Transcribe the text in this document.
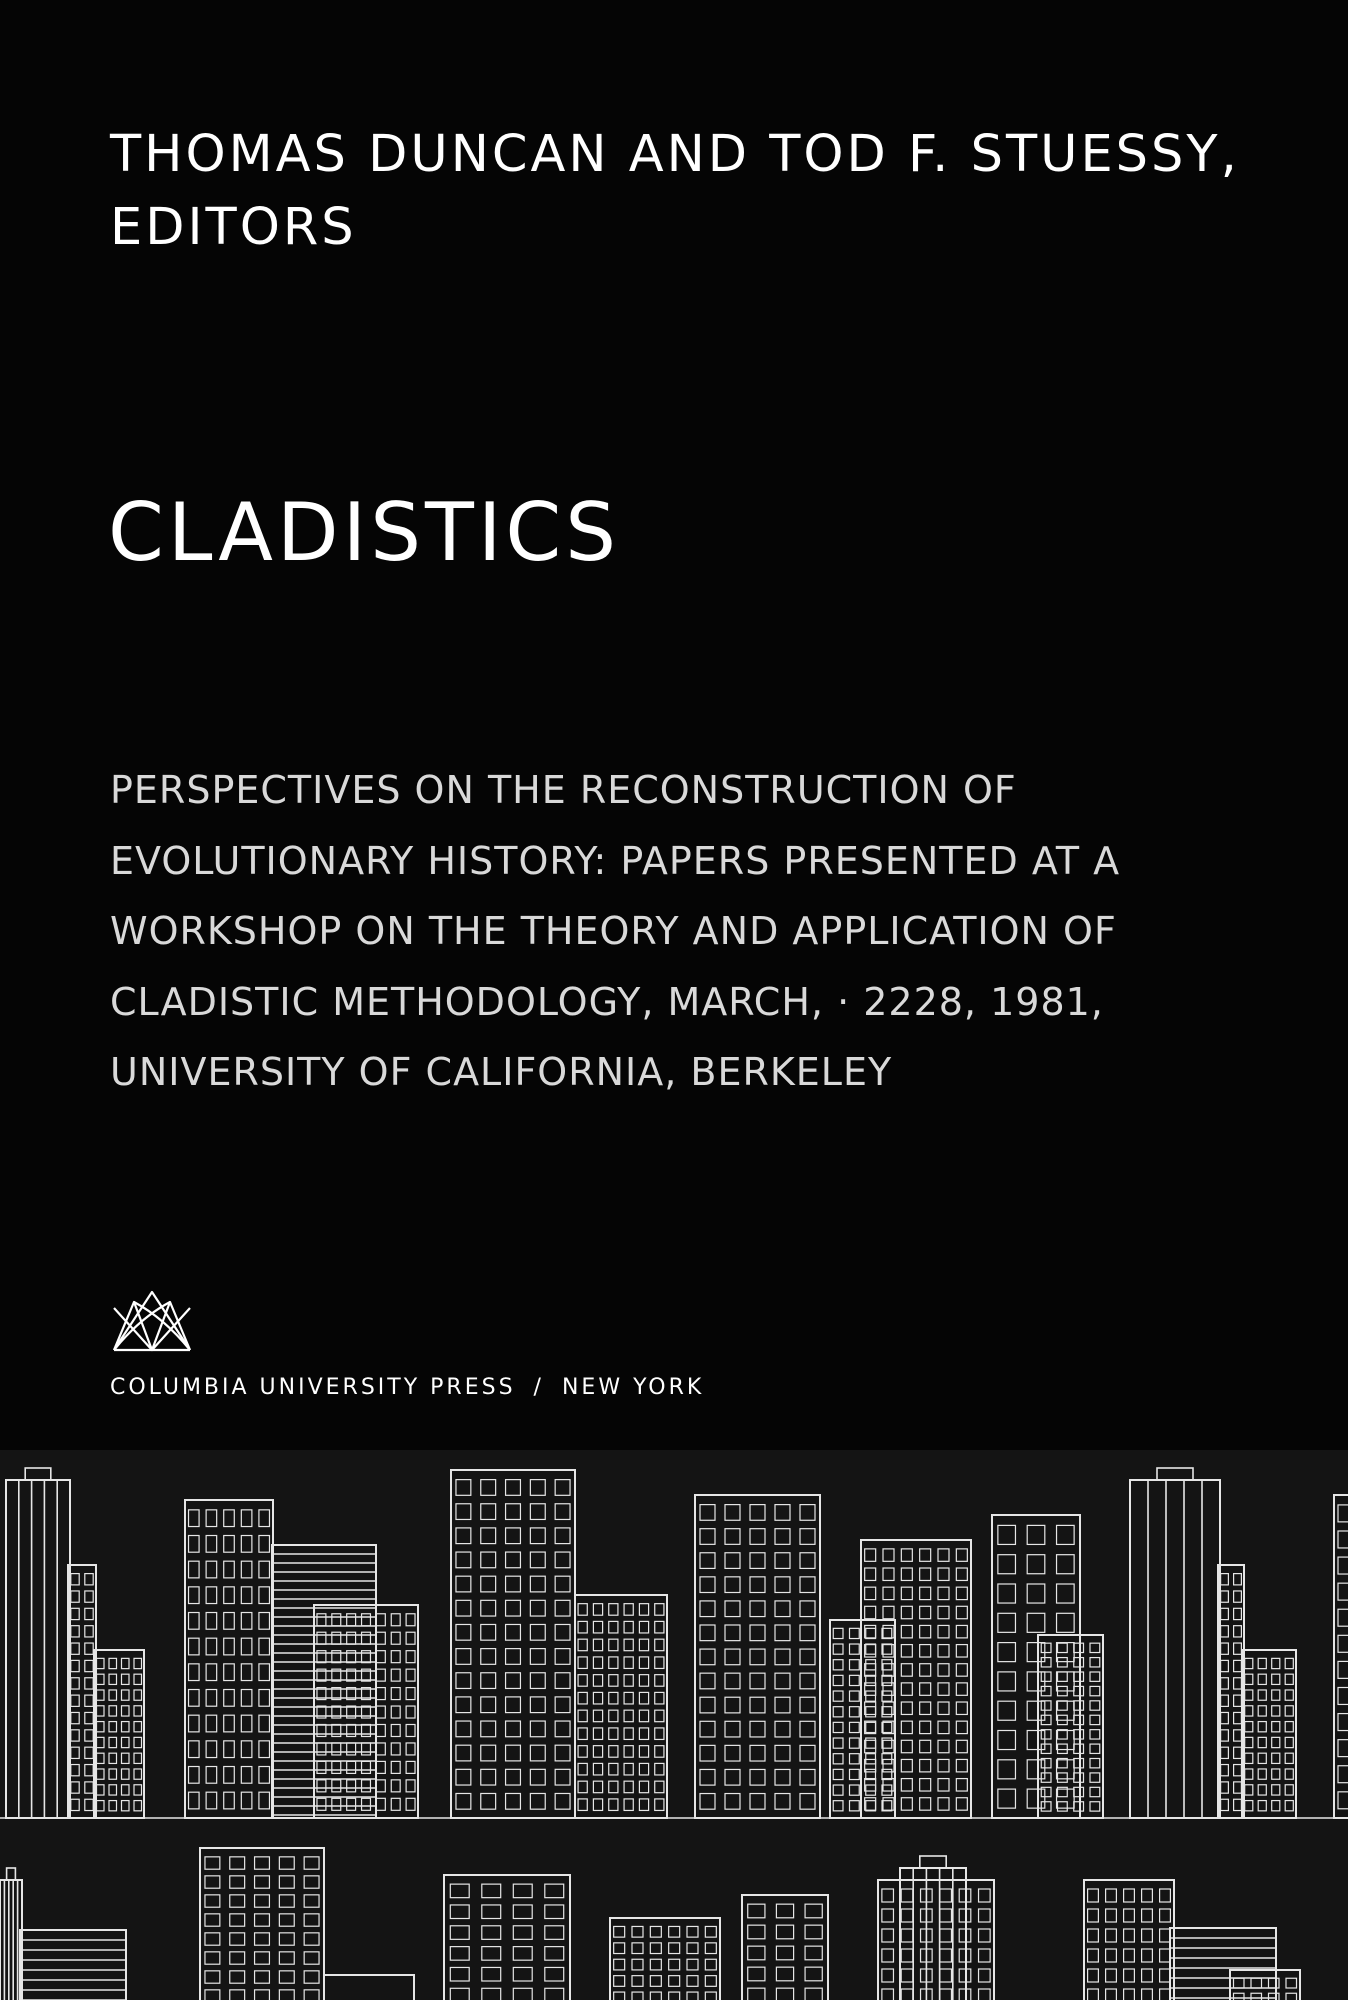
THOMAS DUNCAN AND TOD F. STUESSY, EDITORS
CLADISTICS

PERSPECTIVES ON THE RECONSTRUCTION OF EVOLUTIONARY HISTORY: PAPERS PRESENTED AT A WORKSHOP ON THE THEORY AND APPLICATION OF CLADISTIC METHODOLOGY, MARCH, · 2228, 1981, UNIVERSITY OF CALIFORNIA, BERKELEY

COLUMBIA UNIVERSITY PRESS / NEW YORK
